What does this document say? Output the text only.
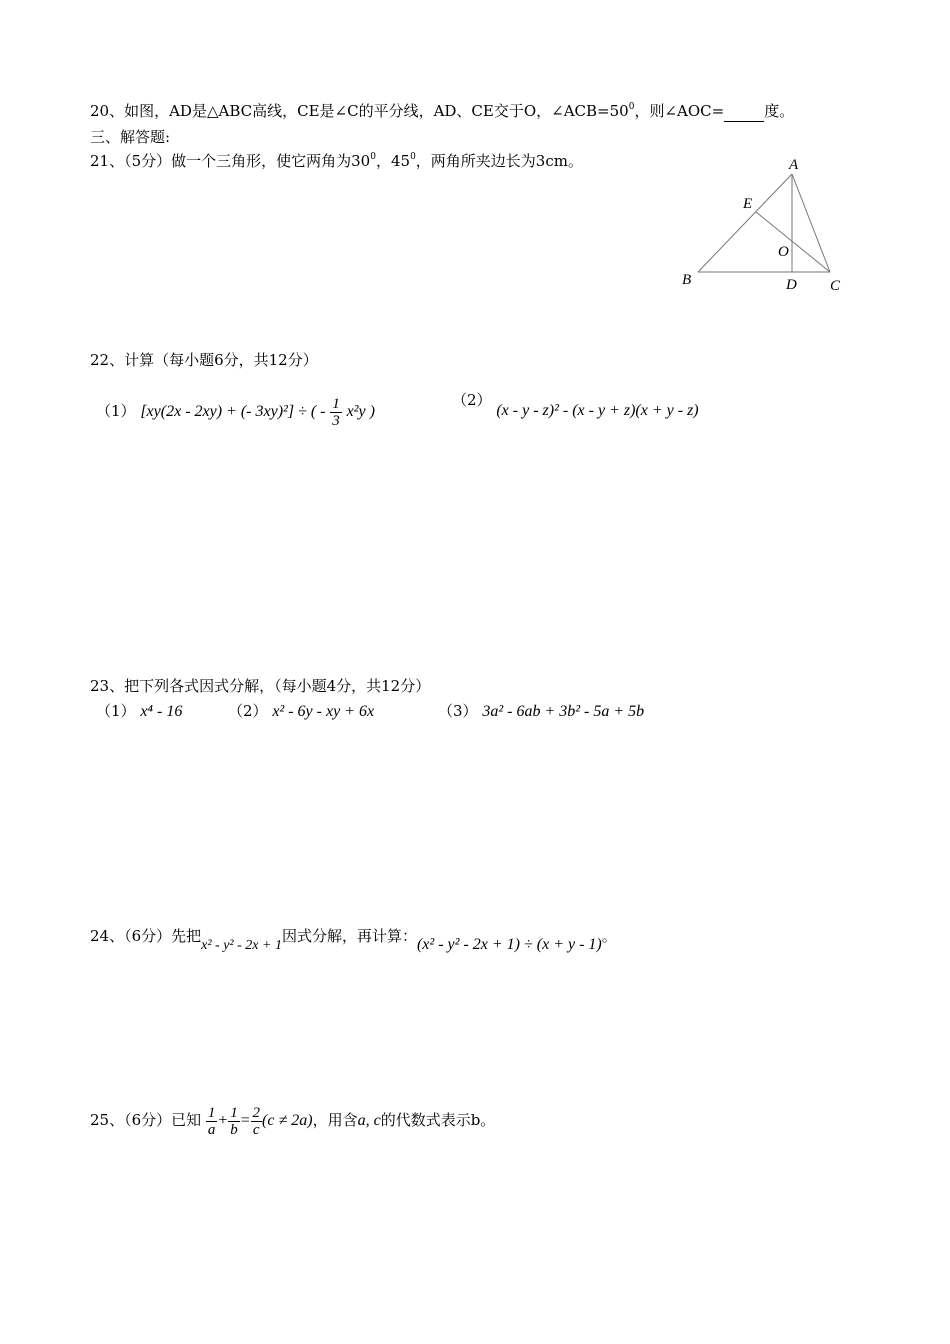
20、如图，AD是△ABC高线，CE是∠C的平分线，AD、CE交于O，$\angle ACB=50^0$，则∠AOC=	度。
三、解答题:
21、（5分）做一个三角形，使它两角为$30^0$，$45^0$，两角所夹边长为3cm。	A
E
O
B	D C
22、计算（每小题6分，共12分）
（1） [xy(2x - 2xy) + (- 3xy)²] ÷ ( - $\frac{1}{3} x^2y$ )
（2） (x - y - z)² - (x - y + z)(x + y - z)
23、把下列各式因式分解，（每小题4分，共12分）
（1） x⁴ - 16	（2） x² - 6y - xy + 6x	（3） 3a² - 6ab + 3b² - 5a + 5b
24、（6分）先把x² - y² - 2x + 1因式分解，再计算：(x² - y² - 2x + 1) ÷ (x + y - 1)。
25、（6分）已知 $\frac{1}{a} + \frac{1}{b} = \frac{2}{c} (c \ne 2a)$，用含a, c的代数式表示b。
